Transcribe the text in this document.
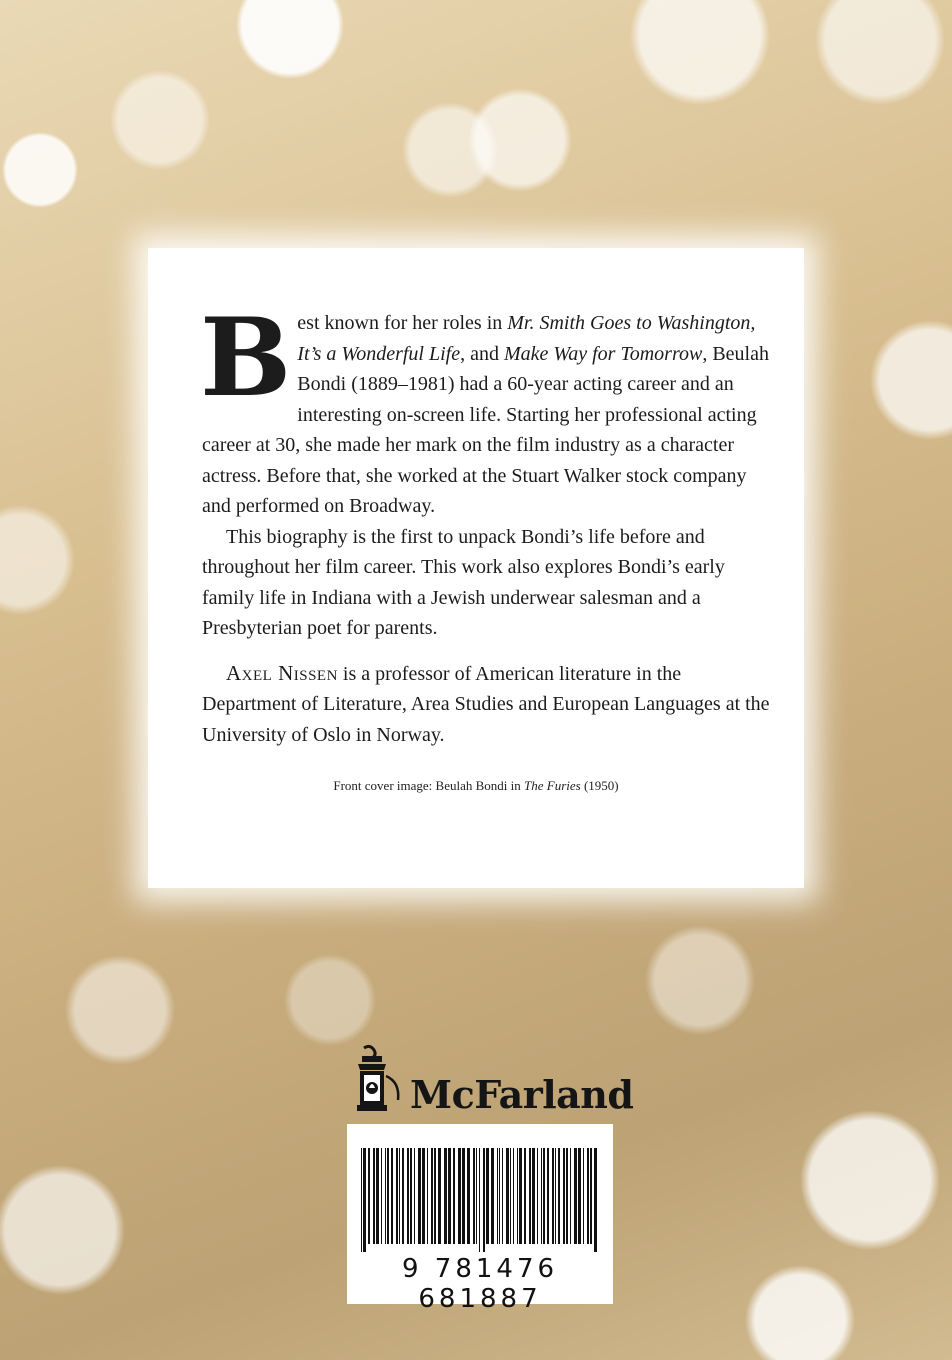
Best known for her roles in Mr. Smith Goes to Washington, It’s a Wonderful Life, and Make Way for Tomorrow, Beulah Bondi (1889–1981) had a 60-year acting career and an interesting on-screen life. Starting her professional acting career at 30, she made her mark on the film industry as a character actress. Before that, she worked at the Stuart Walker stock company and performed on Broadway.

This biography is the first to unpack Bondi’s life before and throughout her film career. This work also explores Bondi’s early family life in Indiana with a Jewish underwear salesman and a Presbyterian poet for parents.

Axel Nissen is a professor of American literature in the Department of Literature, Area Studies and European Languages at the University of Oslo in Norway.

Front cover image: Beulah Bondi in The Furies (1950)
McFarland
9 781476 681887
